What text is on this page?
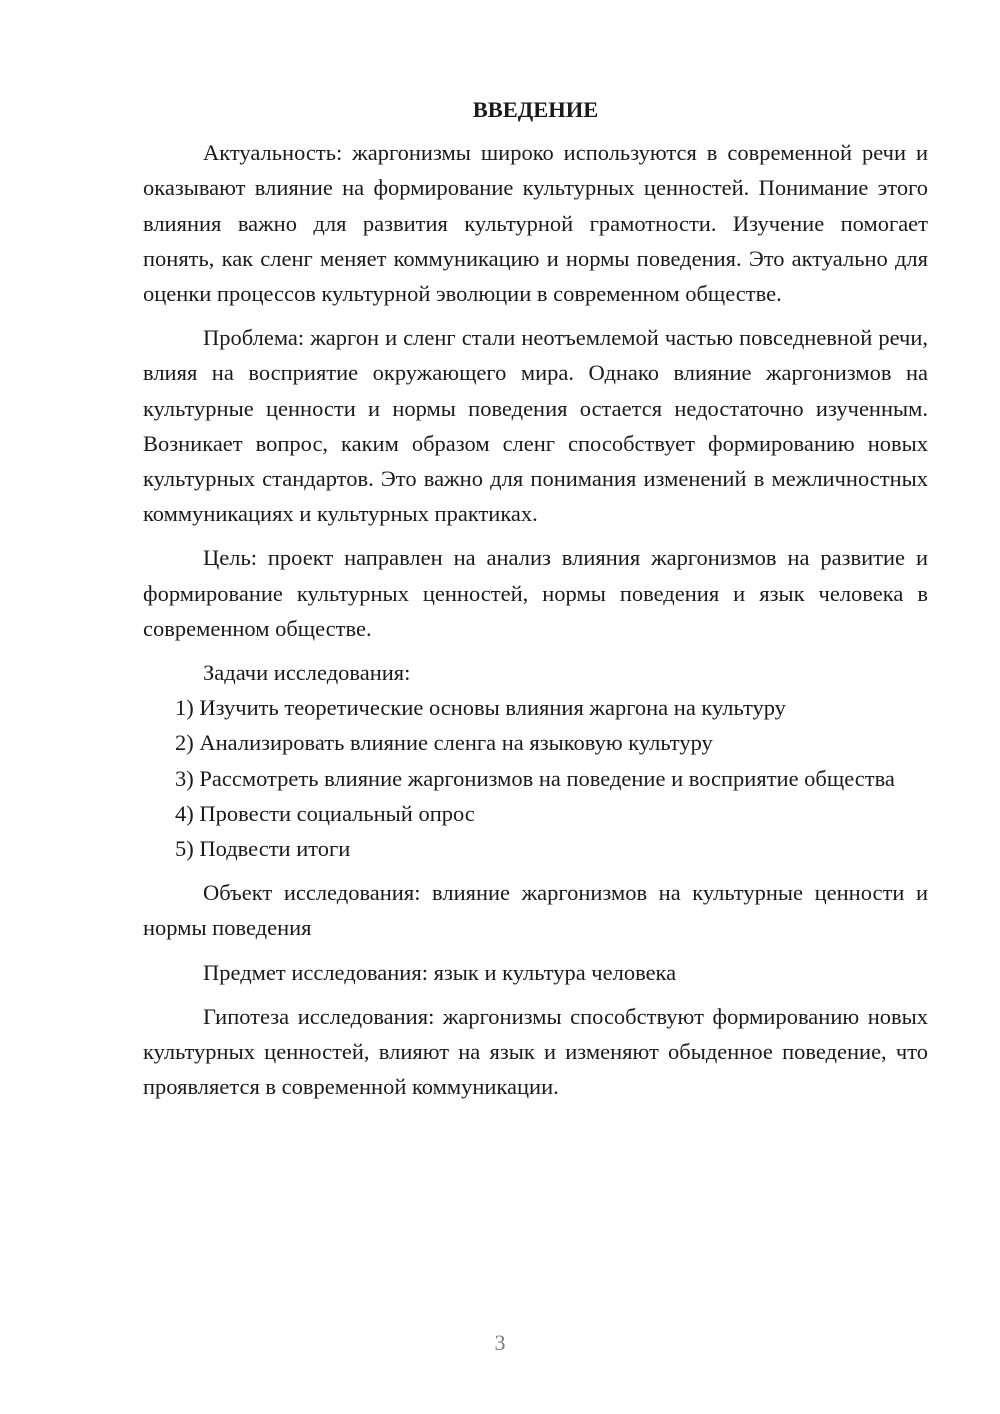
ВВЕДЕНИЕ

Актуальность: жаргонизмы широко используются в современной речи и оказывают влияние на формирование культурных ценностей. Понимание этого влияния важно для развития культурной грамотности. Изучение помогает понять, как сленг меняет коммуникацию и нормы поведения. Это актуально для оценки процессов культурной эволюции в современном обществе.

Проблема: жаргон и сленг стали неотъемлемой частью повседневной речи, влияя на восприятие окружающего мира. Однако влияние жаргонизмов на культурные ценности и нормы поведения остается недостаточно изученным. Возникает вопрос, каким образом сленг способствует формированию новых культурных стандартов. Это важно для понимания изменений в межличностных коммуникациях и культурных практиках.

Цель: проект направлен на анализ влияния жаргонизмов на развитие и формирование культурных ценностей, нормы поведения и язык человека в современном обществе.

Задачи исследования:

1) Изучить теоретические основы влияния жаргона на культуру

2) Анализировать влияние сленга на языковую культуру

3) Рассмотреть влияние жаргонизмов на поведение и восприятие общества

4) Провести социальный опрос

5) Подвести итоги

Объект исследования: влияние жаргонизмов на культурные ценности и нормы поведения

Предмет исследования: язык и культура человека

Гипотеза исследования: жаргонизмы способствуют формированию новых культурных ценностей, влияют на язык и изменяют обыденное поведение, что проявляется в современной коммуникации.

3
